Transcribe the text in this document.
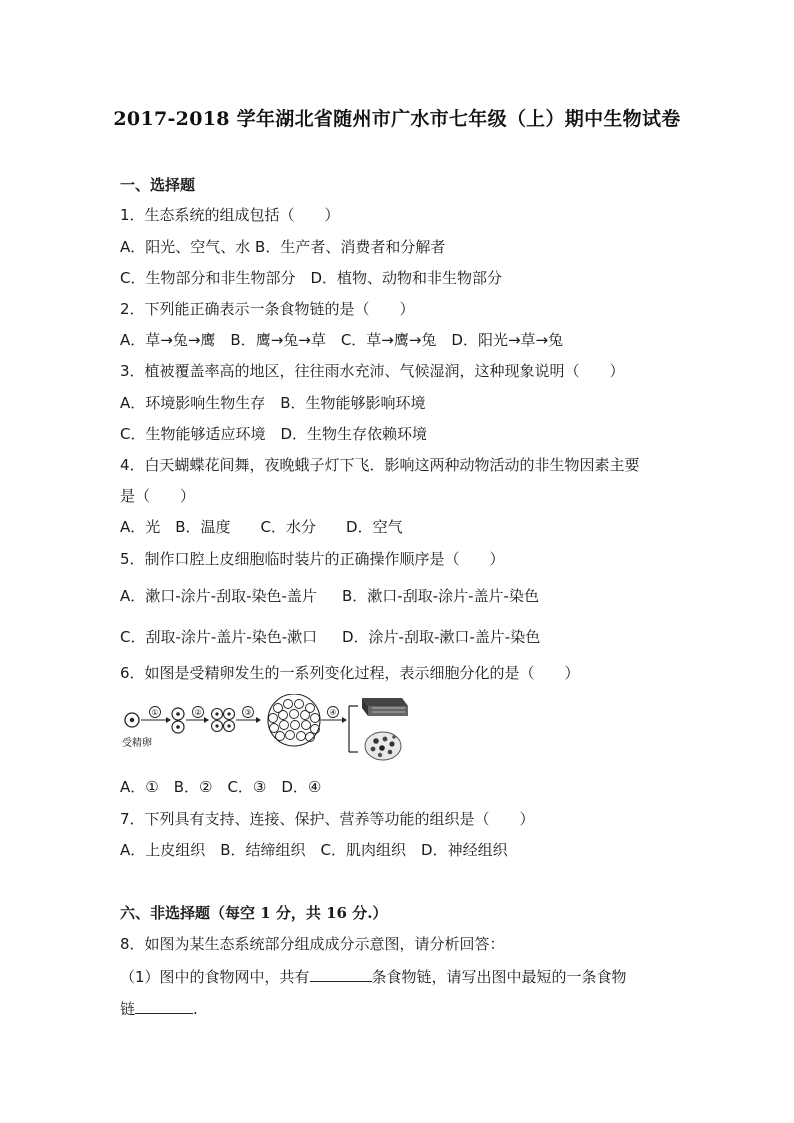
2017-2018 学年湖北省随州市广水市七年级（上）期中生物试卷
一、选择题
1．生态系统的组成包括（　　）
A．阳光、空气、水 B．生产者、消费者和分解者
C．生物部分和非生物部分　D．植物、动物和非生物部分
2．下列能正确表示一条食物链的是（　　）
A．草→兔→鹰　B．鹰→兔→草　C．草→鹰→兔　D．阳光→草→兔
3．植被覆盖率高的地区，往往雨水充沛、气候湿润，这种现象说明（　　）
A．环境影响生物生存　B．生物能够影响环境
C．生物能够适应环境　D．生物生存依赖环境
4．白天蝴蝶花间舞，夜晚蛾子灯下飞．影响这两种动物活动的非生物因素主要
是（　　）
A．光　B．温度　　C．水分　　D．空气
5．制作口腔上皮细胞临时装片的正确操作顺序是（　　）
A．漱口-涂片-刮取-染色-盖片 B．漱口-刮取-涂片-盖片-染色
C．刮取-涂片-盖片-染色-漱口 D．涂片-刮取-漱口-盖片-染色
6．如图是受精卵发生的一系列变化过程，表示细胞分化的是（　　）
受精卵
①	②	③	④
A．①　B．②　C．③　D．④
7．下列具有支持、连接、保护、营养等功能的组织是（　　）
A．上皮组织　B．结缔组织　C．肌肉组织　D．神经组织
六、非选择题（每空 1 分，共 16 分.）
8．如图为某生态系统部分组成成分示意图，请分析回答：
（1）图中的食物网中，共有	条食物链，请写出图中最短的一条食物
链	.
